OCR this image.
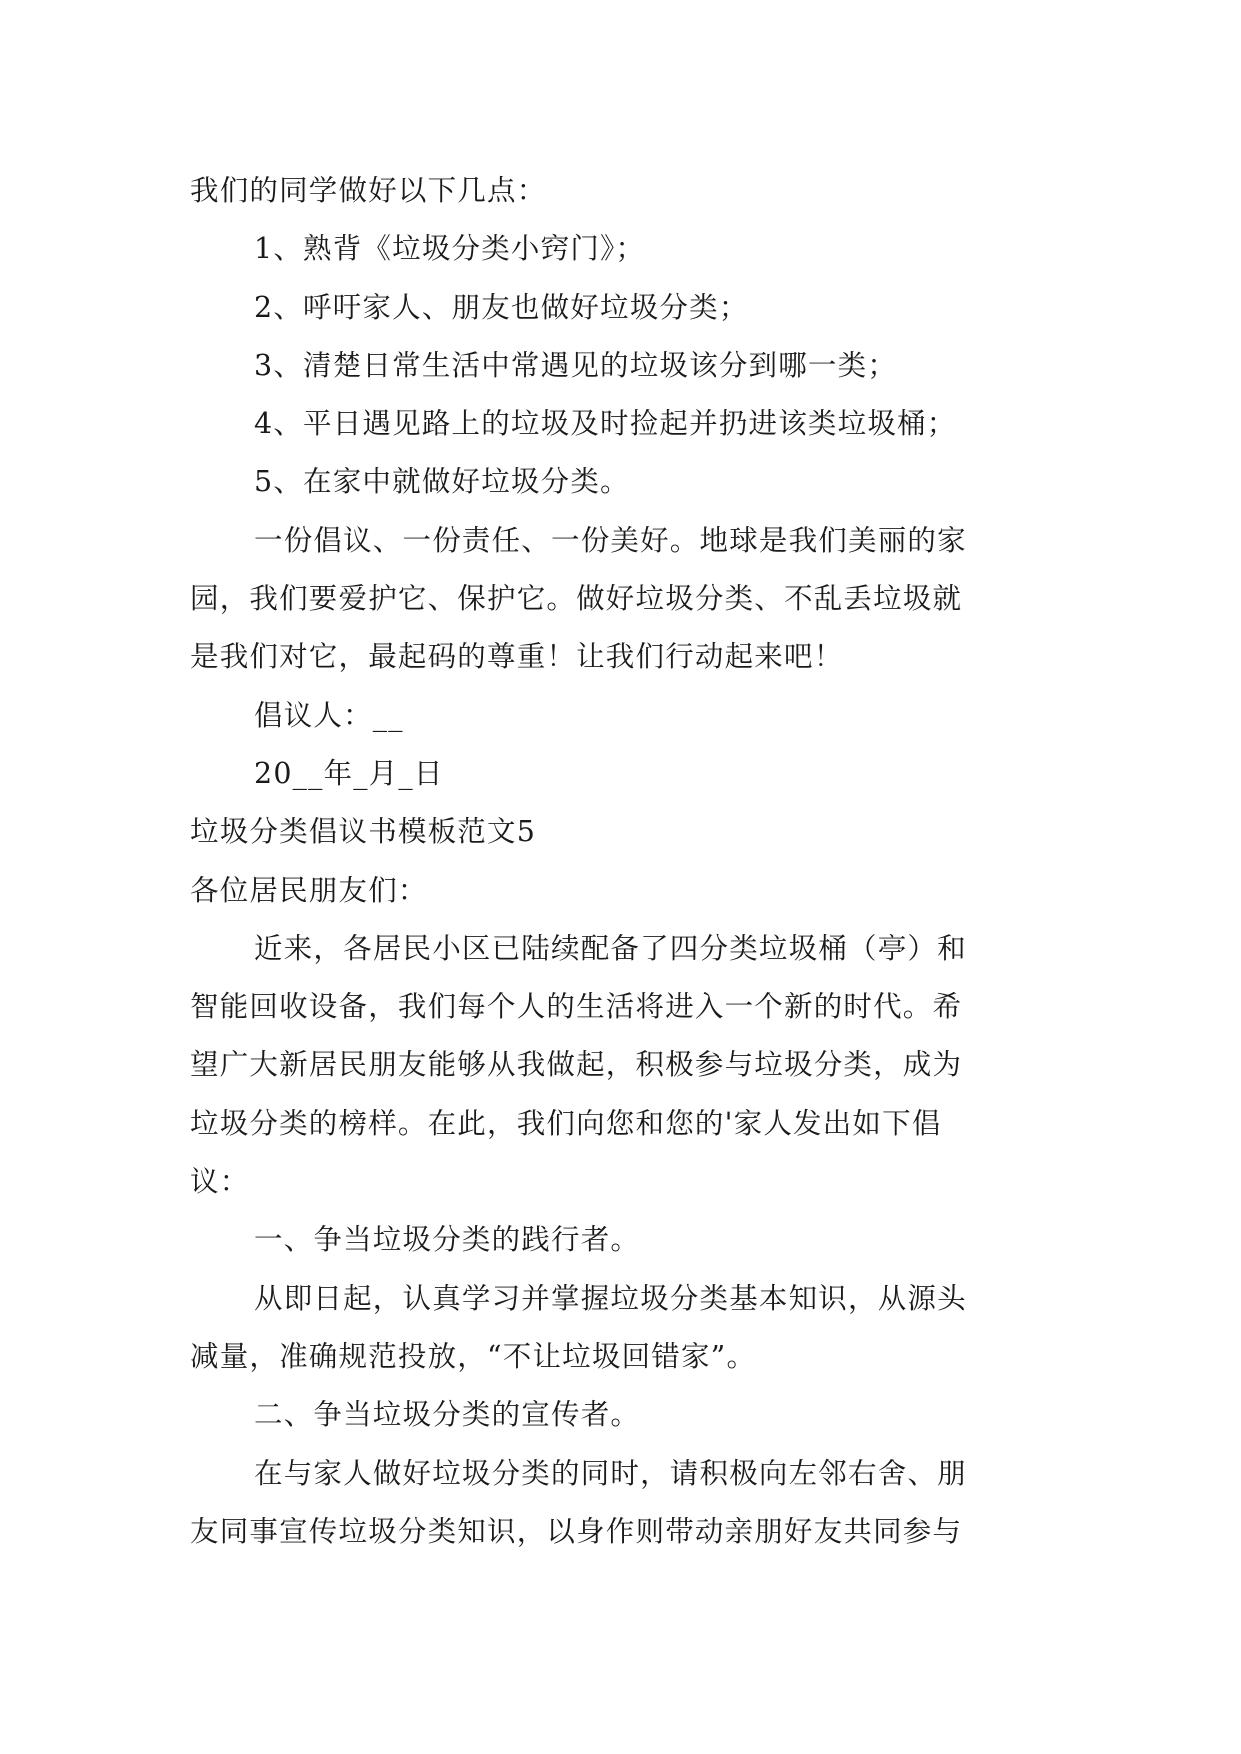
我们的同学做好以下几点：
1、熟背《垃圾分类小窍门》；
2、呼吁家人、朋友也做好垃圾分类；
3、清楚日常生活中常遇见的垃圾该分到哪一类；
4、平日遇见路上的垃圾及时捡起并扔进该类垃圾桶；
5、在家中就做好垃圾分类。
一份倡议、一份责任、一份美好。地球是我们美丽的家
园，我们要爱护它、保护它。做好垃圾分类、不乱丢垃圾就
是我们对它，最起码的尊重！让我们行动起来吧！
倡议人：__
20__年_月_日
垃圾分类倡议书模板范文5
各位居民朋友们：
近来，各居民小区已陆续配备了四分类垃圾桶（亭）和
智能回收设备，我们每个人的生活将进入一个新的时代。希
望广大新居民朋友能够从我做起，积极参与垃圾分类，成为
垃圾分类的榜样。在此，我们向您和您的'家人发出如下倡
议：
一、争当垃圾分类的践行者。
从即日起，认真学习并掌握垃圾分类基本知识，从源头
减量，准确规范投放，“不让垃圾回错家”。
二、争当垃圾分类的宣传者。
在与家人做好垃圾分类的同时，请积极向左邻右舍、朋
友同事宣传垃圾分类知识，以身作则带动亲朋好友共同参与
